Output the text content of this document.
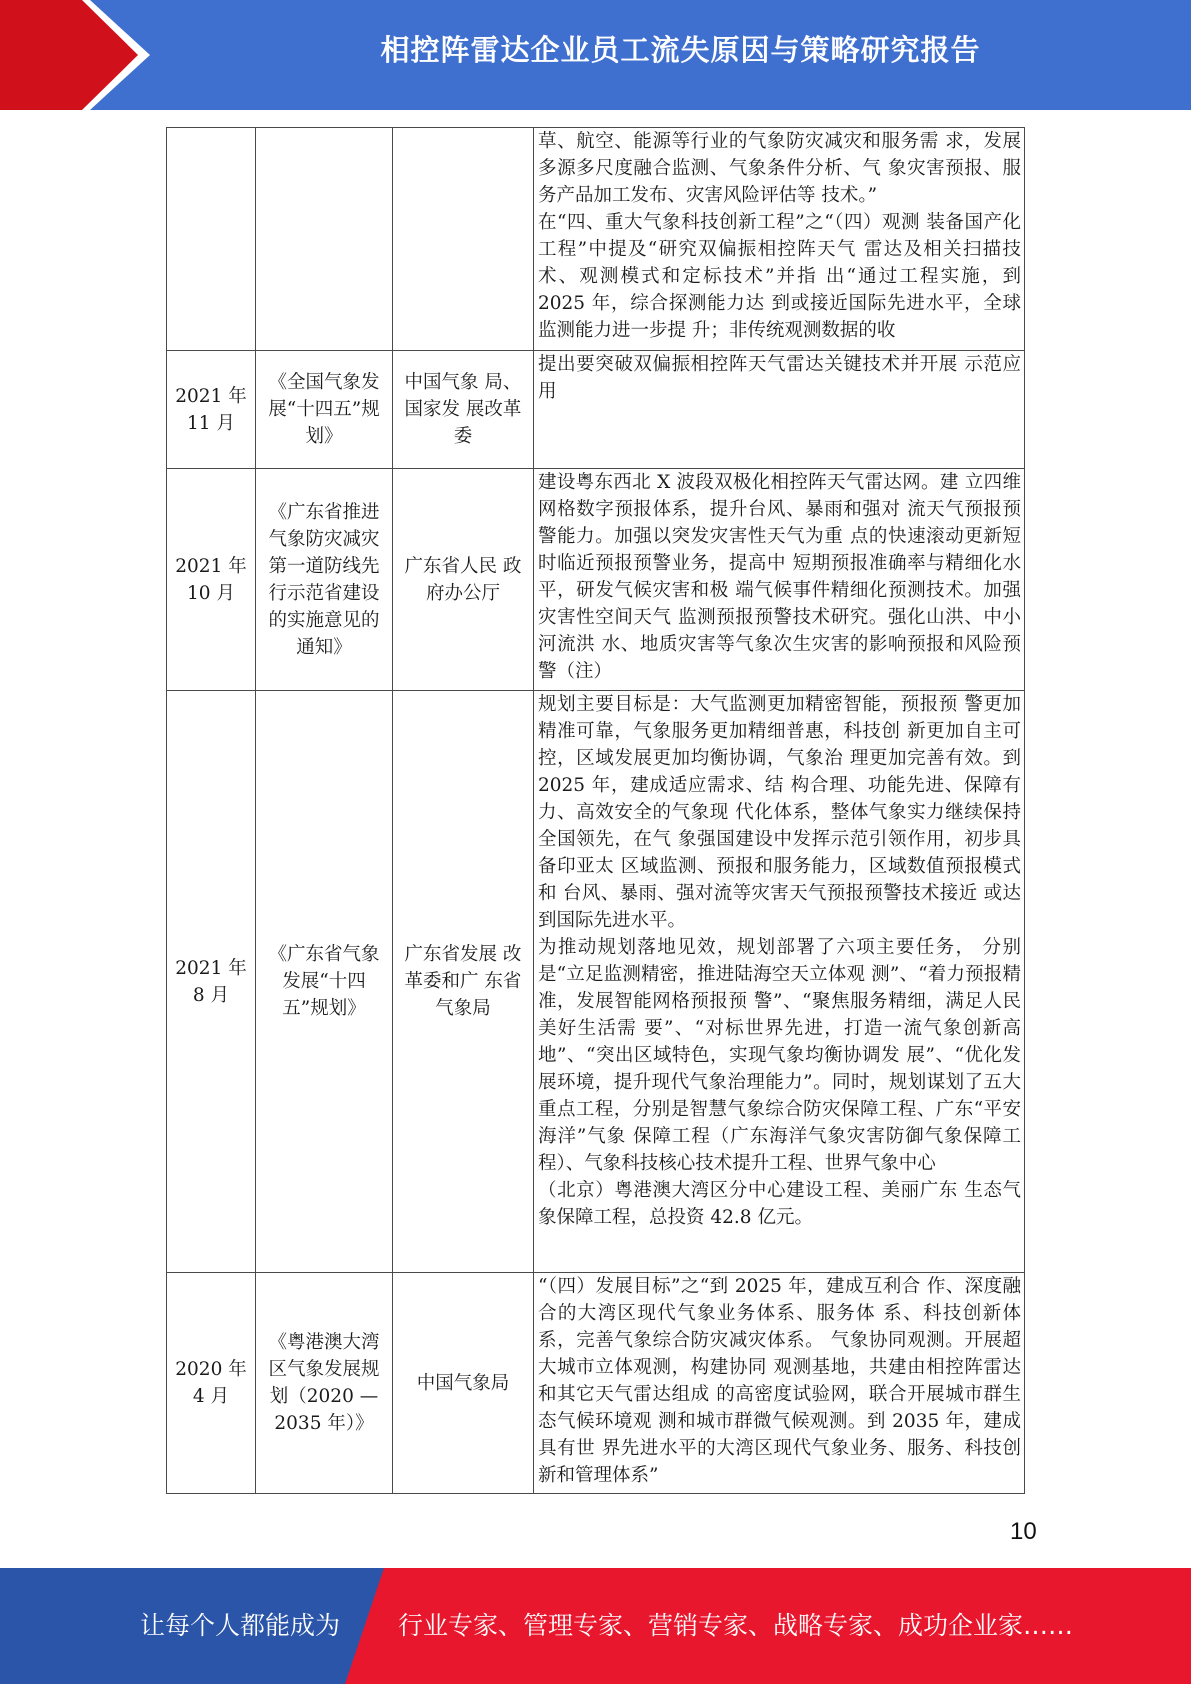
相控阵雷达企业员工流失原因与策略研究报告

			草、航空、能源等行业的气象防灾减灾和服务需 求，发展多源多尺度融合监测、气象条件分析、气 象灾害预报、服务产品加工发布、灾害风险评估等 技术。”
在“四、重大气象科技创新工程”之“（四）观测 装备国产化工程”中提及“研究双偏振相控阵天气 雷达及相关扫描技术、观测模式和定标技术”并指 出“通过工程实施，到 2025 年，综合探测能力达 到或接近国际先进水平，全球监测能力进一步提 升；非传统观测数据的收

2021 年 11 月	《全国气象发展“十四五”规划》	中国气象 局、国家发 展改革委	提出要突破双偏振相控阵天气雷达关键技术并开展 示范应用

2021 年 10 月	《广东省推进气象防灾减灾第一道防线先行示范省建设的实施意见的通知》	广东省人民 政府办公厅	建设粤东西北 X 波段双极化相控阵天气雷达网。建 立四维网格数字预报体系，提升台风、暴雨和强对 流天气预报预警能力。加强以突发灾害性天气为重 点的快速滚动更新短时临近预报预警业务，提高中 短期预报准确率与精细化水平，研发气候灾害和极 端气候事件精细化预测技术。加强灾害性空间天气 监测预报预警技术研究。强化山洪、中小河流洪 水、地质灾害等气象次生灾害的影响预报和风险预 警（注）

2021 年 8 月	《广东省气象发展“十四五”规划》	广东省发展 改革委和广 东省气象局	规划主要目标是：大气监测更加精密智能，预报预 警更加精准可靠，气象服务更加精细普惠，科技创 新更加自主可控，区域发展更加均衡协调，气象治 理更加完善有效。到 2025 年，建成适应需求、结 构合理、功能先进、保障有力、高效安全的气象现 代化体系，整体气象实力继续保持全国领先，在气 象强国建设中发挥示范引领作用，初步具备印亚太 区域监测、预报和服务能力，区域数值预报模式和 台风、暴雨、强对流等灾害天气预报预警技术接近 或达到国际先进水平。
为推动规划落地见效，规划部署了六项主要任务， 分别是“立足监测精密，推进陆海空天立体观 测”、“着力预报精准，发展智能网格预报预 警”、“聚焦服务精细，满足人民美好生活需 要”、“对标世界先进，打造一流气象创新高 地”、“突出区域特色，实现气象均衡协调发 展”、“优化发展环境，提升现代气象治理能力”。同时，规划谋划了五大重点工程，分别是智慧气象综合防灾保障工程、广东“平安海洋”气象 保障工程（广东海洋气象灾害防御气象保障工 程）、气象科技核心技术提升工程、世界气象中心
（北京）粤港澳大湾区分中心建设工程、美丽广东 生态气象保障工程，总投资 42.8 亿元。

2020 年 4 月	《粤港澳大湾区气象发展规划（2020 — 2035 年）》	中国气象局	“（四）发展目标”之“到 2025 年，建成互利合 作、深度融合的大湾区现代气象业务体系、服务体 系、科技创新体系，完善气象综合防灾减灾体系。 气象协同观测。开展超大城市立体观测，构建协同 观测基地，共建由相控阵雷达和其它天气雷达组成 的高密度试验网，联合开展城市群生态气候环境观 测和城市群微气候观测。到 2035 年，建成具有世 界先进水平的大湾区现代气象业务、服务、科技创 新和管理体系”
10
让每个人都能成为 行业专家、管理专家、营销专家、战略专家、成功企业家……
